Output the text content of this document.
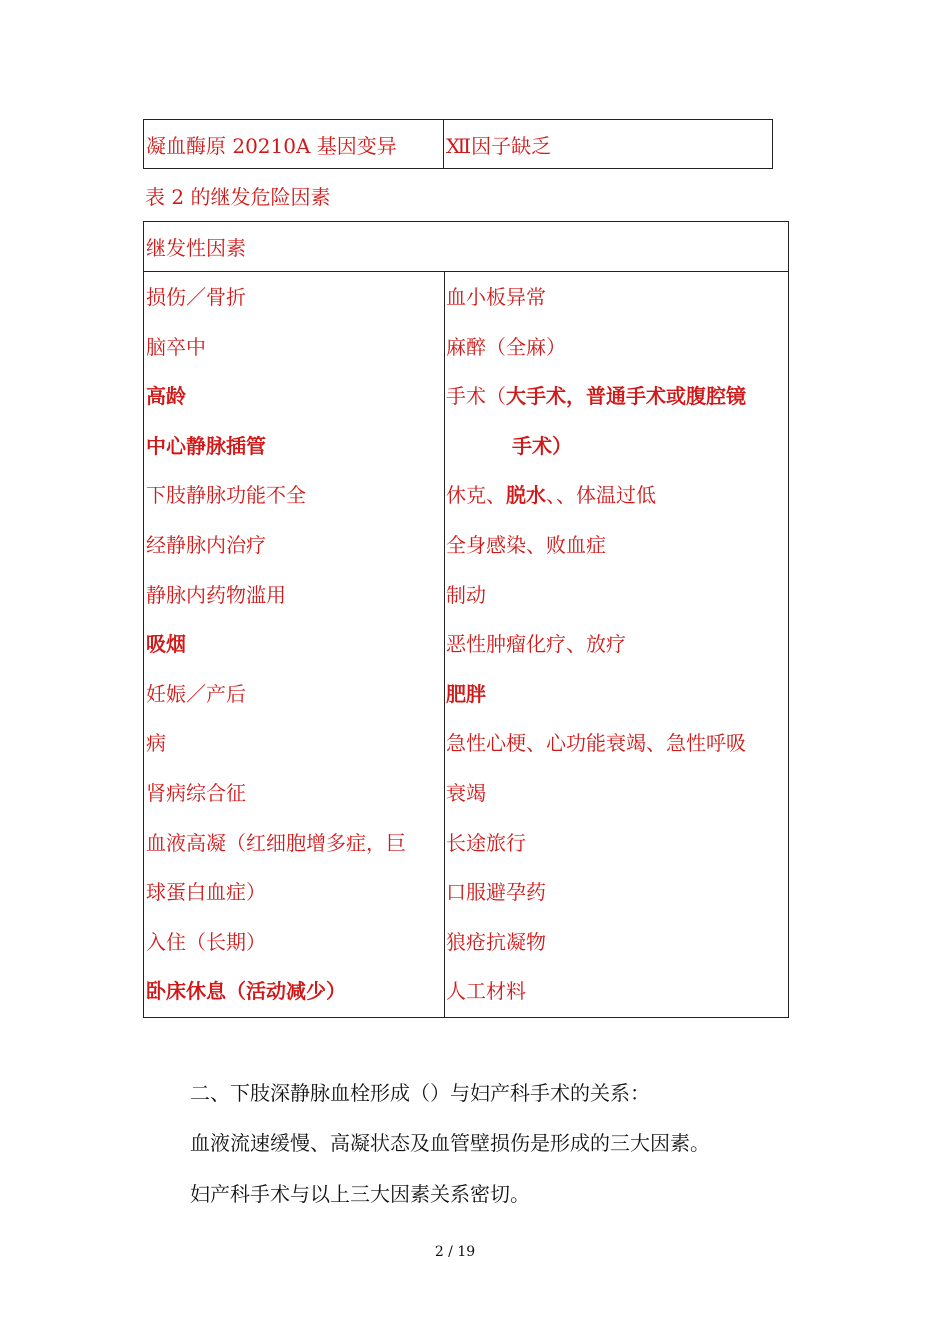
凝血酶原 20210A 基因变异	Ⅻ因子缺乏
表 2 的继发危险因素
继发性因素
损伤／骨折
脑卒中
高龄
中心静脉插管
下肢静脉功能不全
经静脉内治疗
静脉内药物滥用
吸烟
妊娠／产后
病
肾病综合征
血液高凝（红细胞增多症，巨
球蛋白血症）
入住（长期）
卧床休息（活动减少）
血小板异常
麻醉（全麻）
手术（大手术，普通手术或腹腔镜
手术）
休克、脱水、、体温过低
全身感染、败血症
制动
恶性肿瘤化疗、放疗
肥胖
急性心梗、心功能衰竭、急性呼吸
衰竭
长途旅行
口服避孕药
狼疮抗凝物
人工材料
二、下肢深静脉血栓形成（）与妇产科手术的关系：
血液流速缓慢、高凝状态及血管壁损伤是形成的三大因素。
妇产科手术与以上三大因素关系密切。
2 / 19
